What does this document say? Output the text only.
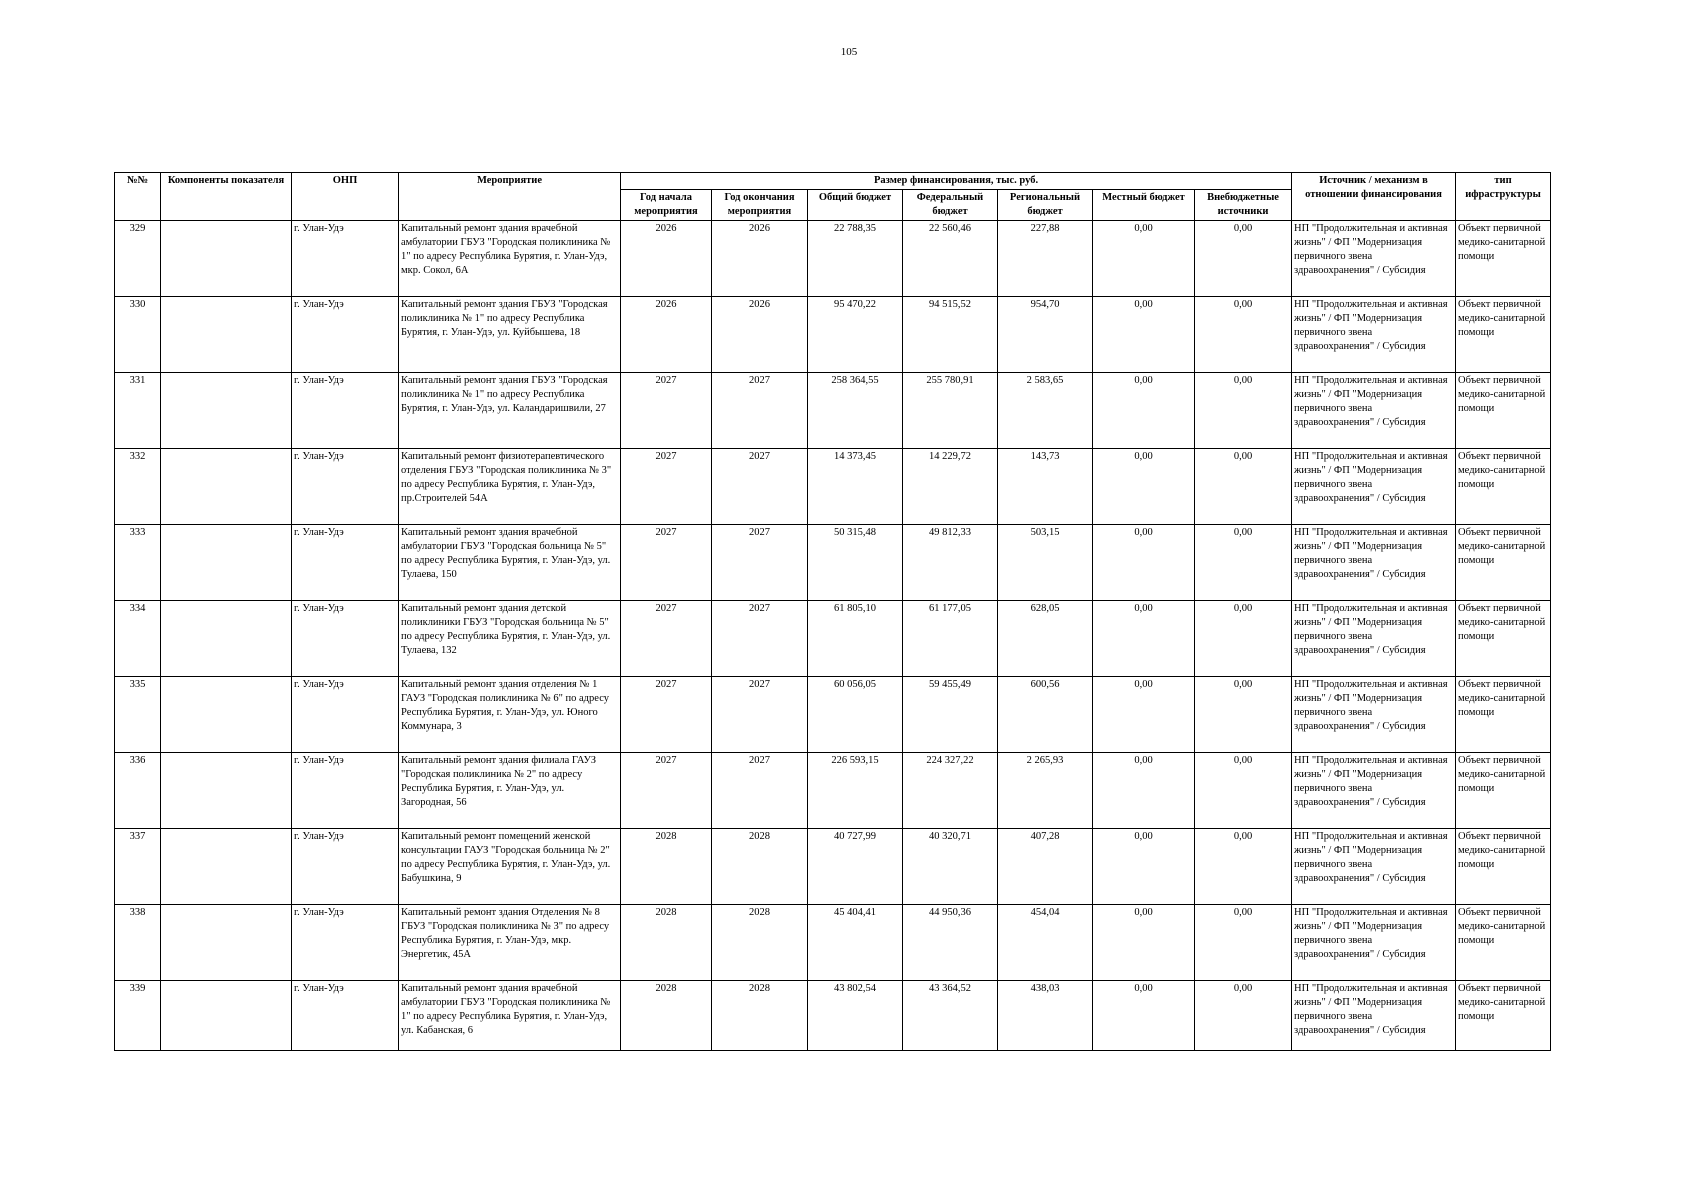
105
№№	Компоненты показателя	ОНП	Мероприятие	Размер финансирования, тыс. руб.							Источник / механизм в отношении финансирования	тип ифраструктуры
				Год начала мероприятия	Год окончания мероприятия	Общий бюджет	Федеральный бюджет	Региональный бюджет	Местный бюджет	Внебюджетные источники		
329		г. Улан-Удэ	Капитальный ремонт здания врачебной амбулатории ГБУЗ "Городская поликлиника № 1" по адресу Республика Бурятия, г. Улан-Удэ, мкр. Сокол, 6А	2026	2026	22 788,35	22 560,46	227,88	0,00	0,00	НП "Продолжительная и активная жизнь" / ФП "Модернизация первичного звена здравоохранения" / Субсидия	Объект первичной медико-санитарной помощи
330		г. Улан-Удэ	Капитальный ремонт здания ГБУЗ "Городская поликлиника № 1" по адресу Республика Бурятия, г. Улан-Удэ, ул. Куйбышева, 18	2026	2026	95 470,22	94 515,52	954,70	0,00	0,00	НП "Продолжительная и активная жизнь" / ФП "Модернизация первичного звена здравоохранения" / Субсидия	Объект первичной медико-санитарной помощи
331		г. Улан-Удэ	Капитальный ремонт здания ГБУЗ "Городская поликлиника № 1" по адресу Республика Бурятия, г. Улан-Удэ, ул. Каландаришвили, 27	2027	2027	258 364,55	255 780,91	2 583,65	0,00	0,00	НП "Продолжительная и активная жизнь" / ФП "Модернизация первичного звена здравоохранения" / Субсидия	Объект первичной медико-санитарной помощи
332		г. Улан-Удэ	Капитальный ремонт физиотерапевтического отделения ГБУЗ "Городская поликлиника № 3" по адресу Республика Бурятия, г. Улан-Удэ, пр.Строителей 54А	2027	2027	14 373,45	14 229,72	143,73	0,00	0,00	НП "Продолжительная и активная жизнь" / ФП "Модернизация первичного звена здравоохранения" / Субсидия	Объект первичной медико-санитарной помощи
333		г. Улан-Удэ	Капитальный ремонт здания врачебной амбулатории ГБУЗ "Городская больница № 5" по адресу Республика Бурятия, г. Улан-Удэ, ул. Тулаева, 150	2027	2027	50 315,48	49 812,33	503,15	0,00	0,00	НП "Продолжительная и активная жизнь" / ФП "Модернизация первичного звена здравоохранения" / Субсидия	Объект первичной медико-санитарной помощи
334		г. Улан-Удэ	Капитальный ремонт здания детской поликлиники ГБУЗ "Городская больница № 5" по адресу Республика Бурятия, г. Улан-Удэ, ул. Тулаева, 132	2027	2027	61 805,10	61 177,05	628,05	0,00	0,00	НП "Продолжительная и активная жизнь" / ФП "Модернизация первичного звена здравоохранения" / Субсидия	Объект первичной медико-санитарной помощи
335		г. Улан-Удэ	Капитальный ремонт здания отделения № 1 ГАУЗ "Городская поликлиника № 6" по адресу Республика Бурятия, г. Улан-Удэ, ул. Юного Коммунара, 3	2027	2027	60 056,05	59 455,49	600,56	0,00	0,00	НП "Продолжительная и активная жизнь" / ФП "Модернизация первичного звена здравоохранения" / Субсидия	Объект первичной медико-санитарной помощи
336		г. Улан-Удэ	Капитальный ремонт здания филиала ГАУЗ "Городская поликлиника № 2" по адресу Республика Бурятия, г. Улан-Удэ, ул. Загородная, 56	2027	2027	226 593,15	224 327,22	2 265,93	0,00	0,00	НП "Продолжительная и активная жизнь" / ФП "Модернизация первичного звена здравоохранения" / Субсидия	Объект первичной медико-санитарной помощи
337		г. Улан-Удэ	Капитальный ремонт помещений женской консультации ГАУЗ "Городская больница № 2" по адресу Республика Бурятия, г. Улан-Удэ, ул. Бабушкина, 9	2028	2028	40 727,99	40 320,71	407,28	0,00	0,00	НП "Продолжительная и активная жизнь" / ФП "Модернизация первичного звена здравоохранения" / Субсидия	Объект первичной медико-санитарной помощи
338		г. Улан-Удэ	Капитальный ремонт здания Отделения № 8 ГБУЗ "Городская поликлиника № 3" по адресу Республика Бурятия, г. Улан-Удэ, мкр. Энергетик, 45А	2028	2028	45 404,41	44 950,36	454,04	0,00	0,00	НП "Продолжительная и активная жизнь" / ФП "Модернизация первичного звена здравоохранения" / Субсидия	Объект первичной медико-санитарной помощи
339		г. Улан-Удэ	Капитальный ремонт здания врачебной амбулатории ГБУЗ "Городская поликлиника № 1" по адресу Республика Бурятия, г. Улан-Удэ, ул. Кабанская, 6	2028	2028	43 802,54	43 364,52	438,03	0,00	0,00	НП "Продолжительная и активная жизнь" / ФП "Модернизация первичного звена здравоохранения" / Субсидия	Объект первичной медико-санитарной помощи
